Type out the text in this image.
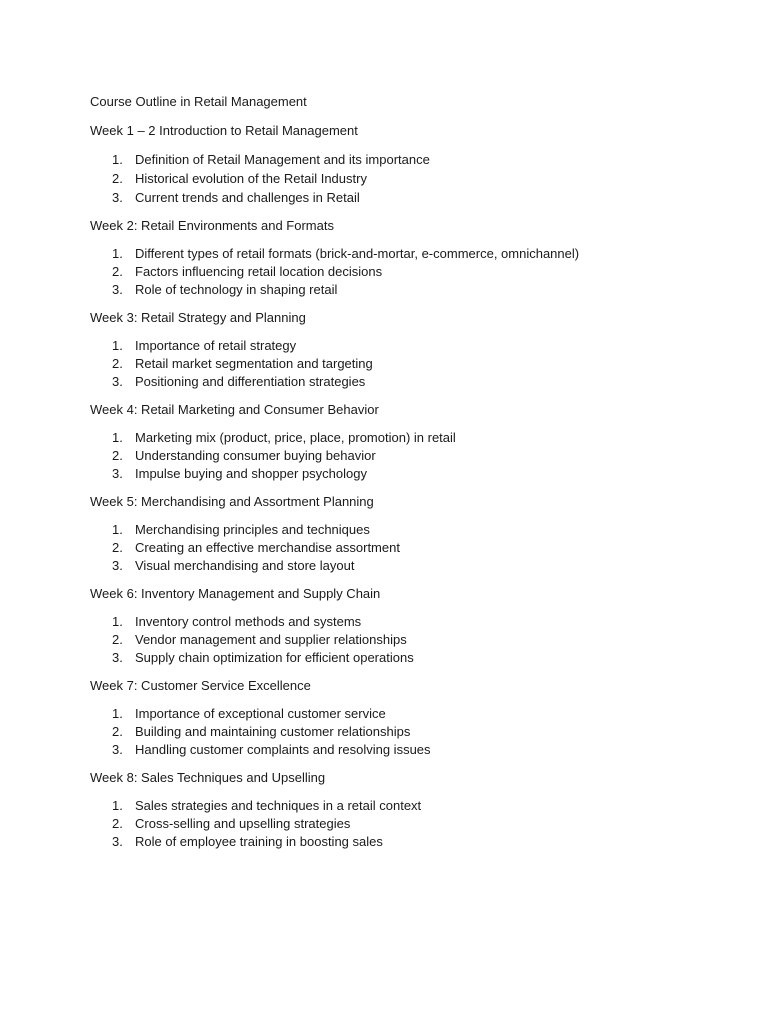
Course Outline in Retail Management
Week 1 – 2 Introduction to Retail Management
1. Definition of Retail Management and its importance
2. Historical evolution of the Retail Industry
3. Current trends and challenges in Retail
Week 2: Retail Environments and Formats
1. Different types of retail formats (brick-and-mortar, e-commerce, omnichannel)
2. Factors influencing retail location decisions
3. Role of technology in shaping retail
Week 3: Retail Strategy and Planning
1. Importance of retail strategy
2. Retail market segmentation and targeting
3. Positioning and differentiation strategies
Week 4: Retail Marketing and Consumer Behavior
1. Marketing mix (product, price, place, promotion) in retail
2. Understanding consumer buying behavior
3. Impulse buying and shopper psychology
Week 5: Merchandising and Assortment Planning
1. Merchandising principles and techniques
2. Creating an effective merchandise assortment
3. Visual merchandising and store layout
Week 6: Inventory Management and Supply Chain
1. Inventory control methods and systems
2. Vendor management and supplier relationships
3. Supply chain optimization for efficient operations
Week 7: Customer Service Excellence
1. Importance of exceptional customer service
2. Building and maintaining customer relationships
3. Handling customer complaints and resolving issues
Week 8: Sales Techniques and Upselling
1. Sales strategies and techniques in a retail context
2. Cross-selling and upselling strategies
3. Role of employee training in boosting sales
